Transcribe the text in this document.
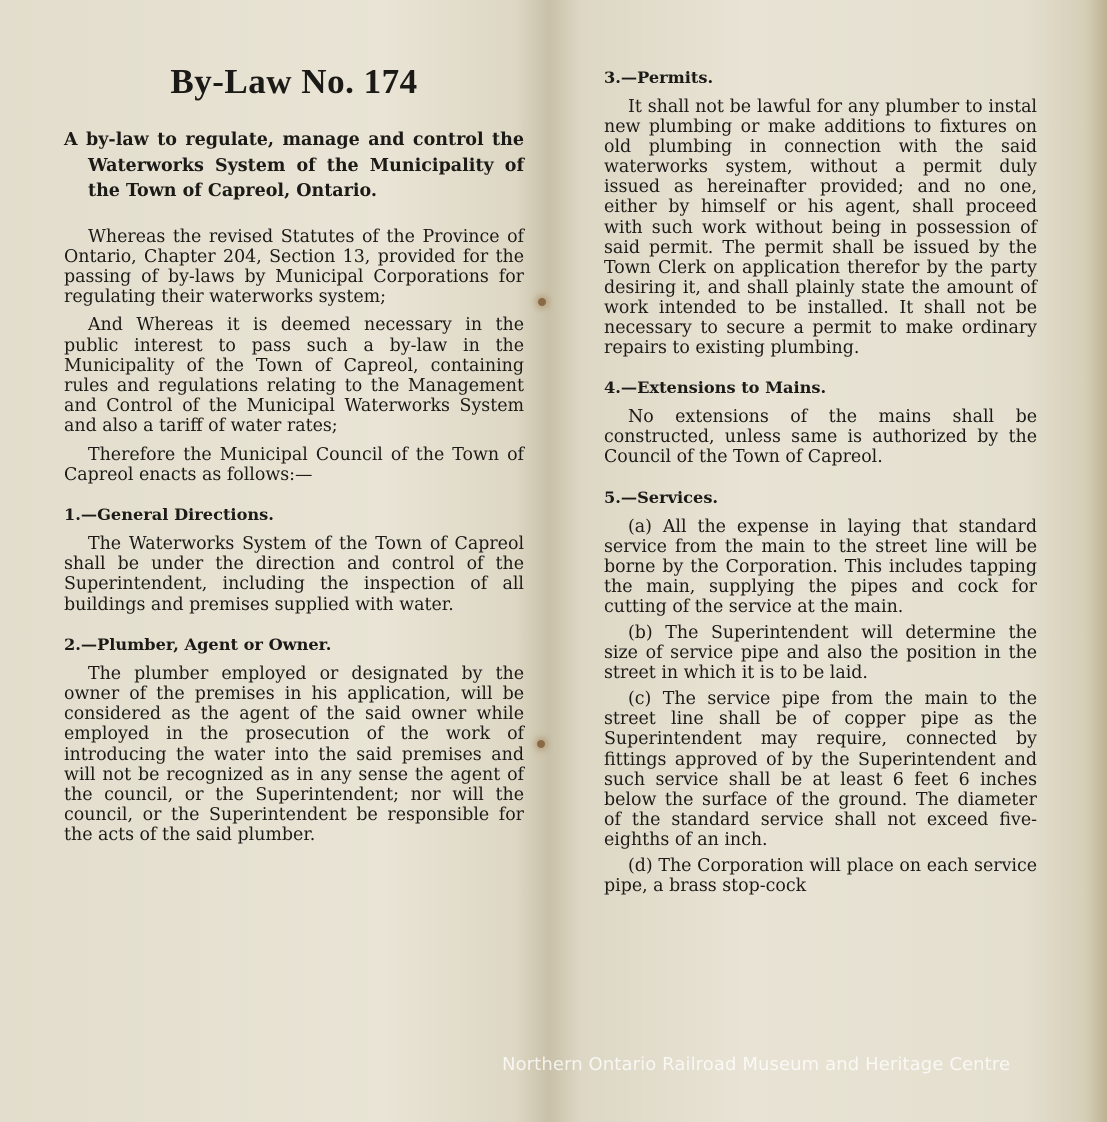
By-Law No. 174

A by-law to regulate, manage and control the Waterworks System of the Municipality of the Town of Capreol, Ontario.

Whereas the revised Statutes of the Province of Ontario, Chapter 204, Section 13, provided for the passing of by-laws by Municipal Corporations for regulating their waterworks system;

And Whereas it is deemed necessary in the public interest to pass such a by-law in the Municipality of the Town of Capreol, containing rules and regulations relating to the Management and Control of the Municipal Waterworks System and also a tariff of water rates;

Therefore the Municipal Council of the Town of Capreol enacts as follows:—

1.—General Directions.

The Waterworks System of the Town of Capreol shall be under the direction and control of the Superintendent, including the inspection of all buildings and premises supplied with water.

2.—Plumber, Agent or Owner.

The plumber employed or designated by the owner of the premises in his application, will be considered as the agent of the said owner while employed in the prosecution of the work of introducing the water into the said premises and will not be recognized as in any sense the agent of the council, or the Superintendent; nor will the council, or the Superintendent be responsible for the acts of the said plumber.

3.—Permits.

It shall not be lawful for any plumber to instal new plumbing or make additions to fixtures on old plumbing in connection with the said waterworks system, without a permit duly issued as hereinafter provided; and no one, either by himself or his agent, shall proceed with such work without being in possession of said permit. The permit shall be issued by the Town Clerk on application therefor by the party desiring it, and shall plainly state the amount of work intended to be installed. It shall not be necessary to secure a permit to make ordinary repairs to existing plumbing.

4.—Extensions to Mains.

No extensions of the mains shall be constructed, unless same is authorized by the Council of the Town of Capreol.

5.—Services.

(a) All the expense in laying that standard service from the main to the street line will be borne by the Corporation. This includes tapping the main, supplying the pipes and cock for cutting of the service at the main.

(b) The Superintendent will determine the size of service pipe and also the position in the street in which it is to be laid.

(c) The service pipe from the main to the street line shall be of copper pipe as the Superintendent may require, connected by fittings approved of by the Superintendent and such service shall be at least 6 feet 6 inches below the surface of the ground. The diameter of the standard service shall not exceed five-eighths of an inch.

(d) The Corporation will place on each service pipe, a brass stop-cock

Northern Ontario Railroad Museum and Heritage Centre
